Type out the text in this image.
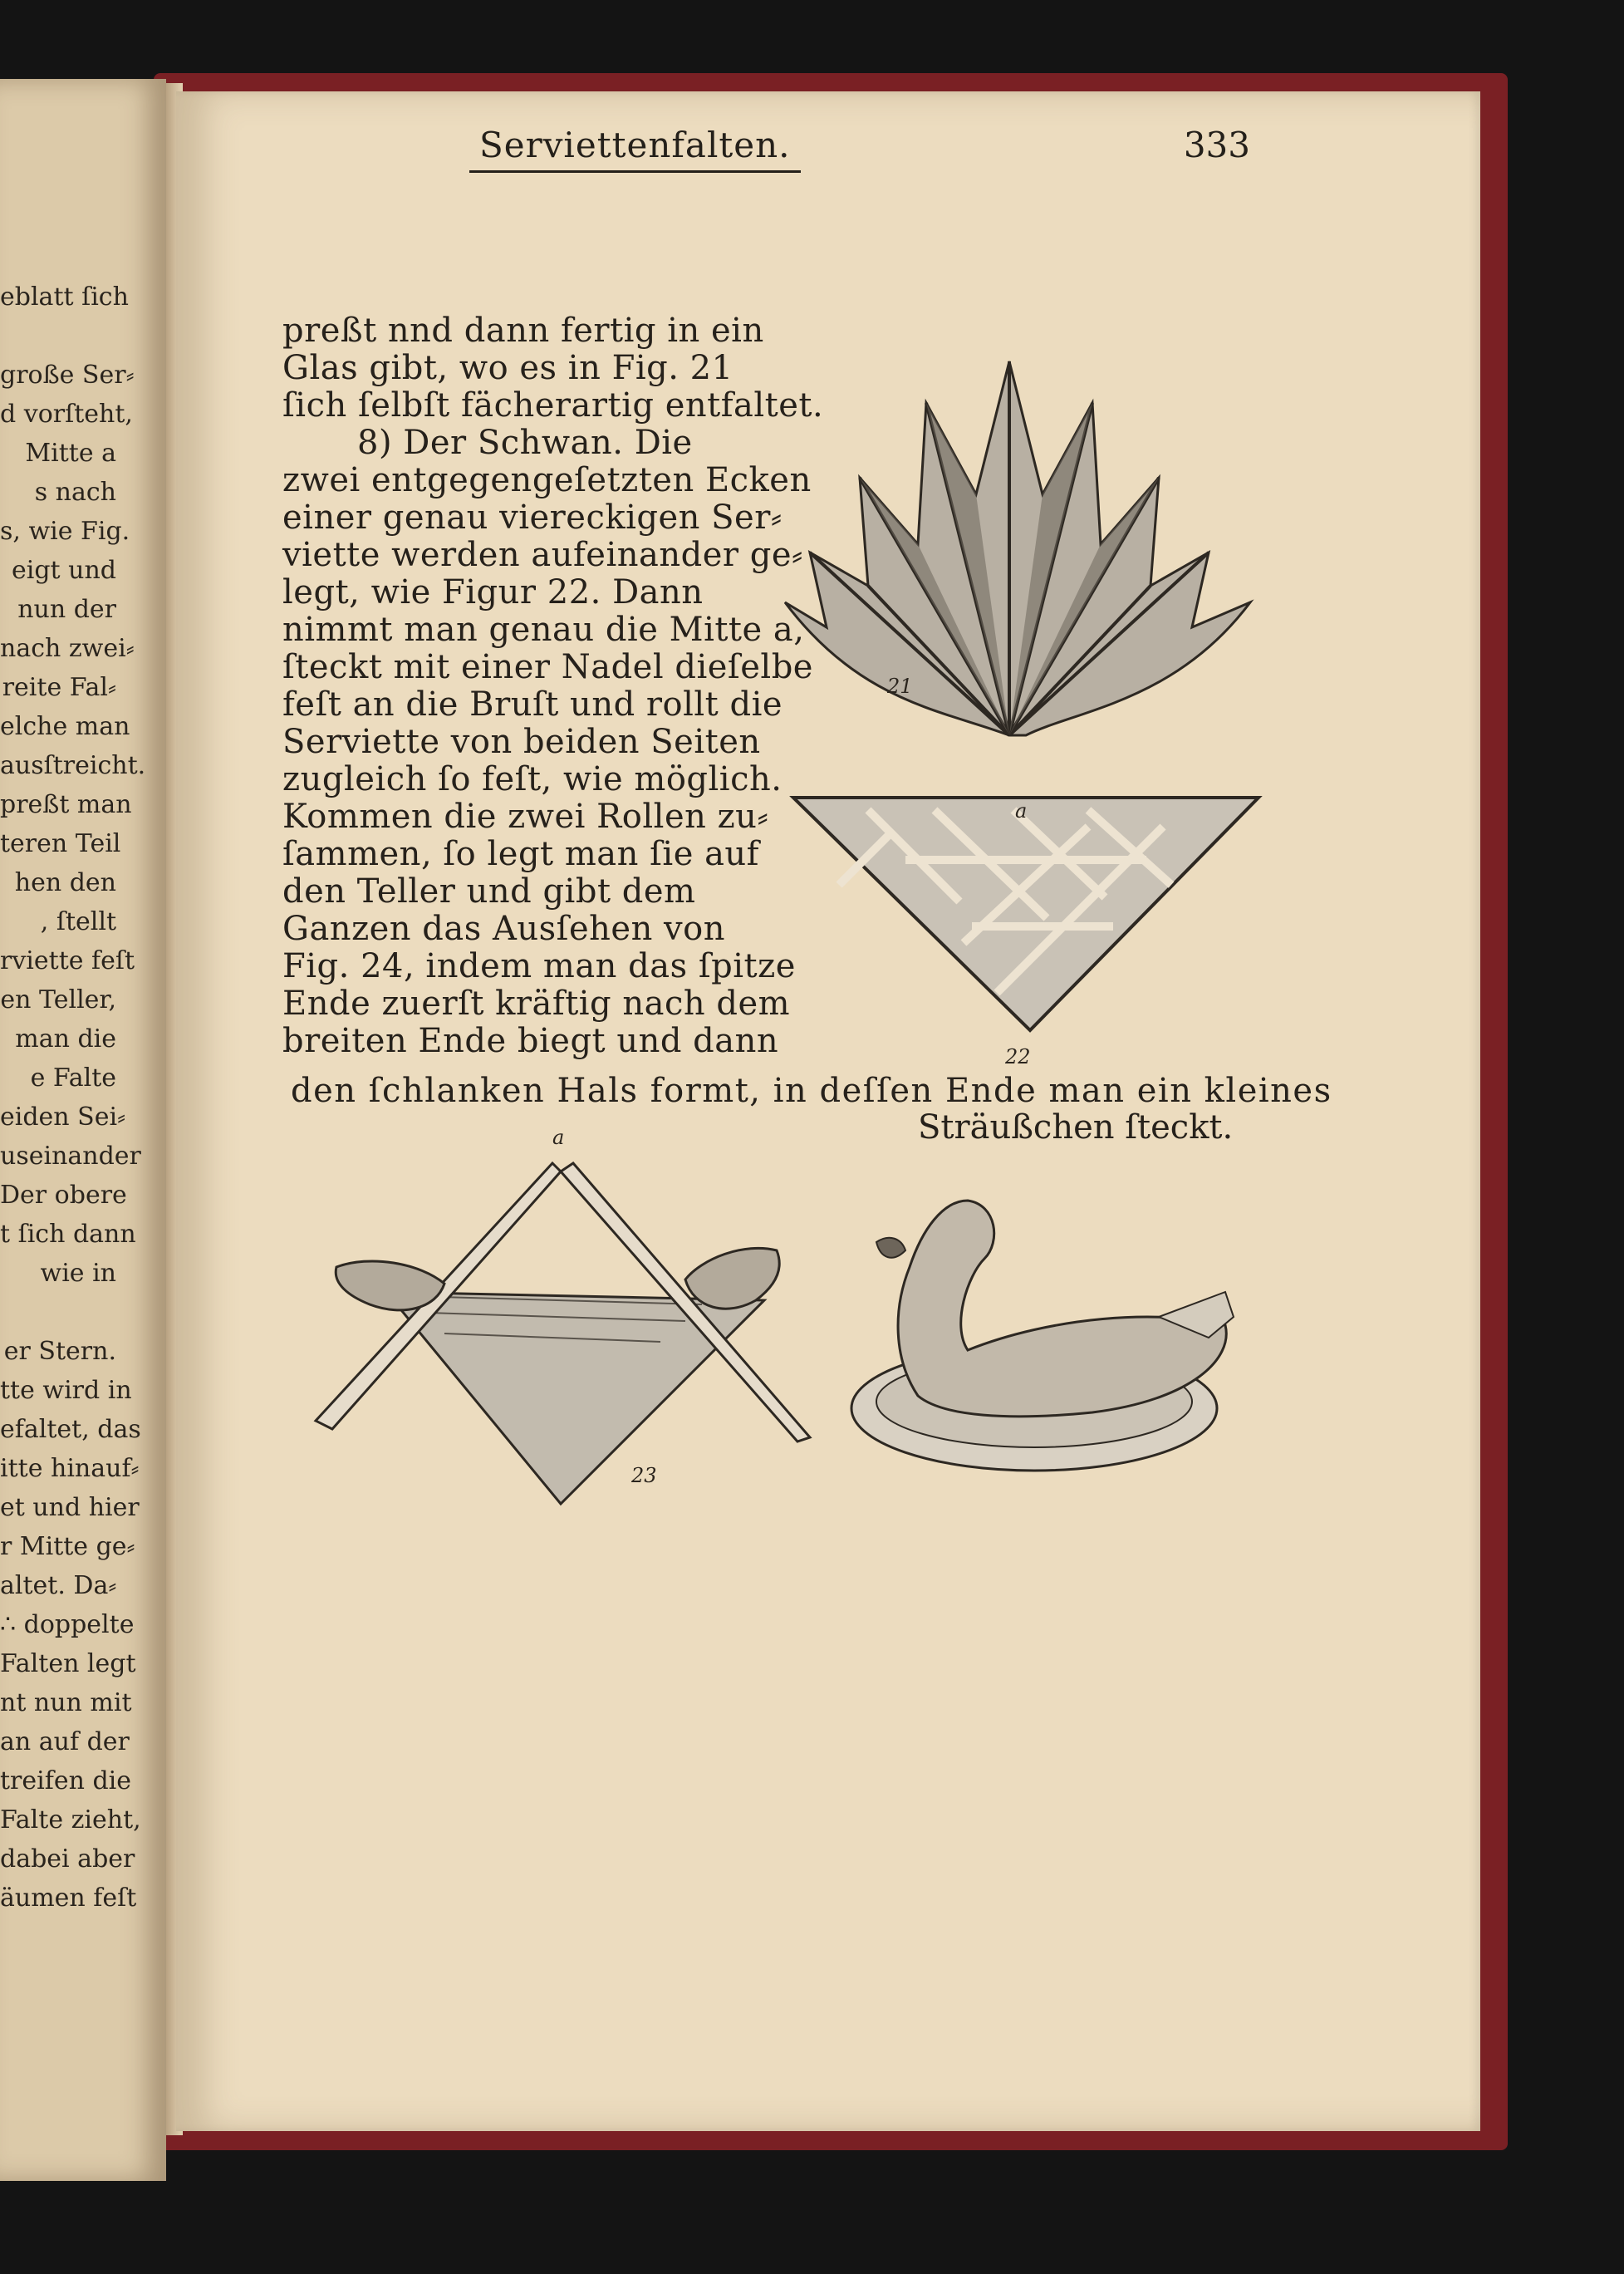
eblatt ſich
große Ser⸗
d vorſteht,
Mitte a
s nach
s, wie Fig.
eigt und
nun der
nach zwei⸗
reite Fal⸗
elche man
ausſtreicht.
preßt man
teren Teil
hen den
, ſtellt
rviette feſt
en Teller,
man die
e Falte
eiden Sei⸗
useinander
Der obere
t ſich dann
wie in
er Stern.
tte wird in
efaltet, das
itte hinauf⸗
et und hier
r Mitte ge⸗
altet. Da⸗
∴ doppelte
Falten legt
nt nun mit
an auf der
treifen die
Falte zieht,
dabei aber
äumen feſt
Serviettenfalten.	333
preßt nnd dann fertig in ein
Glas gibt, wo es in Fig. 21
ſich ſelbſt fächerartig entfaltet.
8) Der Schwan. Die
zwei entgegengeſetzten Ecken
einer genau viereckigen Ser⸗
viette werden aufeinander ge⸗
legt, wie Figur 22. Dann
nimmt man genau die Mitte a,
ſteckt mit einer Nadel dieſelbe
feſt an die Bruſt und rollt die
Serviette von beiden Seiten
zugleich ſo feſt, wie möglich.
Kommen die zwei Rollen zu⸗
ſammen, ſo legt man ſie auf
den Teller und gibt dem
Ganzen das Ausſehen von
Fig. 24, indem man das ſpitze
Ende zuerſt kräftig nach dem
breiten Ende biegt und dann
den ſchlanken Hals formt, in deſſen Ende man ein kleines
Sträußchen ſteckt.
21
a
22
a
23
